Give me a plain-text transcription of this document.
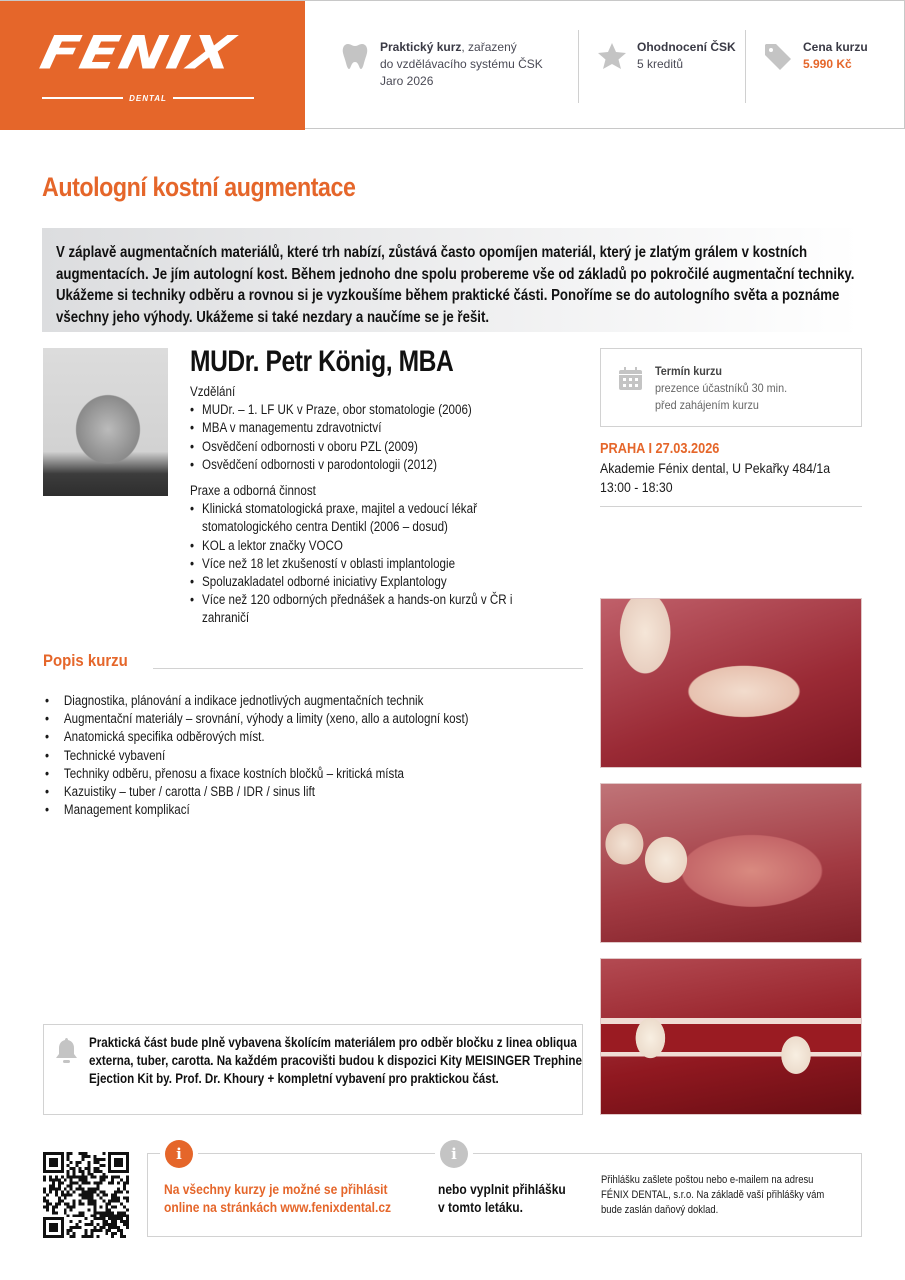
FENIX
DENTAL
Praktický kurz, zařazený
do vzdělávacího systému ČSK
Jaro 2026
Ohodnocení ČSK
5 kreditů
Cena kurzu
5.990 Kč
Autologní kostní augmentace

V záplavě augmentačních materiálů, které trh nabízí, zůstává často opomíjen materiál, který je zlatým grálem v kostních augmentacích. Je jím autologní kost. Během jednoho dne spolu probereme vše od základů po pokročilé augmentační techniky. Ukážeme si techniky odběru a rovnou si je vyzkoušíme během praktické části. Ponoříme se do autologního světa a poznáme všechny jeho výhody. Ukážeme si také nezdary a naučíme se je řešit.

MUDr. Petr König, MBA
Vzdělání
• MUDr. – 1. LF UK v Praze, obor stomatologie (2006)
• MBA v managementu zdravotnictví
• Osvědčení odbornosti v oboru PZL (2009)
• Osvědčení odbornosti v parodontologii (2012)
Praxe a odborná činnost
• Klinická stomatologická praxe, majitel a vedoucí lékař stomatologického centra Dentikl (2006 – dosud)
• KOL a lektor značky VOCO
• Více než 18 let zkušeností v oblasti implantologie
• Spoluzakladatel odborné iniciativy Explantology
• Více než 120 odborných přednášek a hands-on kurzů v ČR i zahraničí
Termín kurzu
prezence účastníků 30 min.
před zahájením kurzu
PRAHA I 27.03.2026
Akademie Fénix dental, U Pekařky 484/1a
13:00 - 18:30
Popis kurzu
• Diagnostika, plánování a indikace jednotlivých augmentačních technik
• Augmentační materiály – srovnání, výhody a limity (xeno, allo a autologní kost)
• Anatomická specifika odběrových míst.
• Technické vybavení
• Techniky odběru, přenosu a fixace kostních bločků – kritická místa
• Kazuistiky – tuber / carotta / SBB / IDR / sinus lift
• Management komplikací

Praktická část bude plně vybavena školícím materiálem pro odběr bločku z linea obliqua externa, tuber, carotta. Na každém pracovišti budou k dispozici Kity MEISINGER Trephine Ejection Kit by. Prof. Dr. Khoury + kompletní vybavení pro praktickou část.

i	i
Na všechny kurzy je možné se přihlásit
online na stránkách www.fenixdental.cz
nebo vyplnit přihlášku
v tomto letáku.
Přihlášku zašlete poštou nebo e-mailem na adresu
FÉNIX DENTAL, s.r.o. Na základě vaší přihlášky vám
bude zaslán daňový doklad.
